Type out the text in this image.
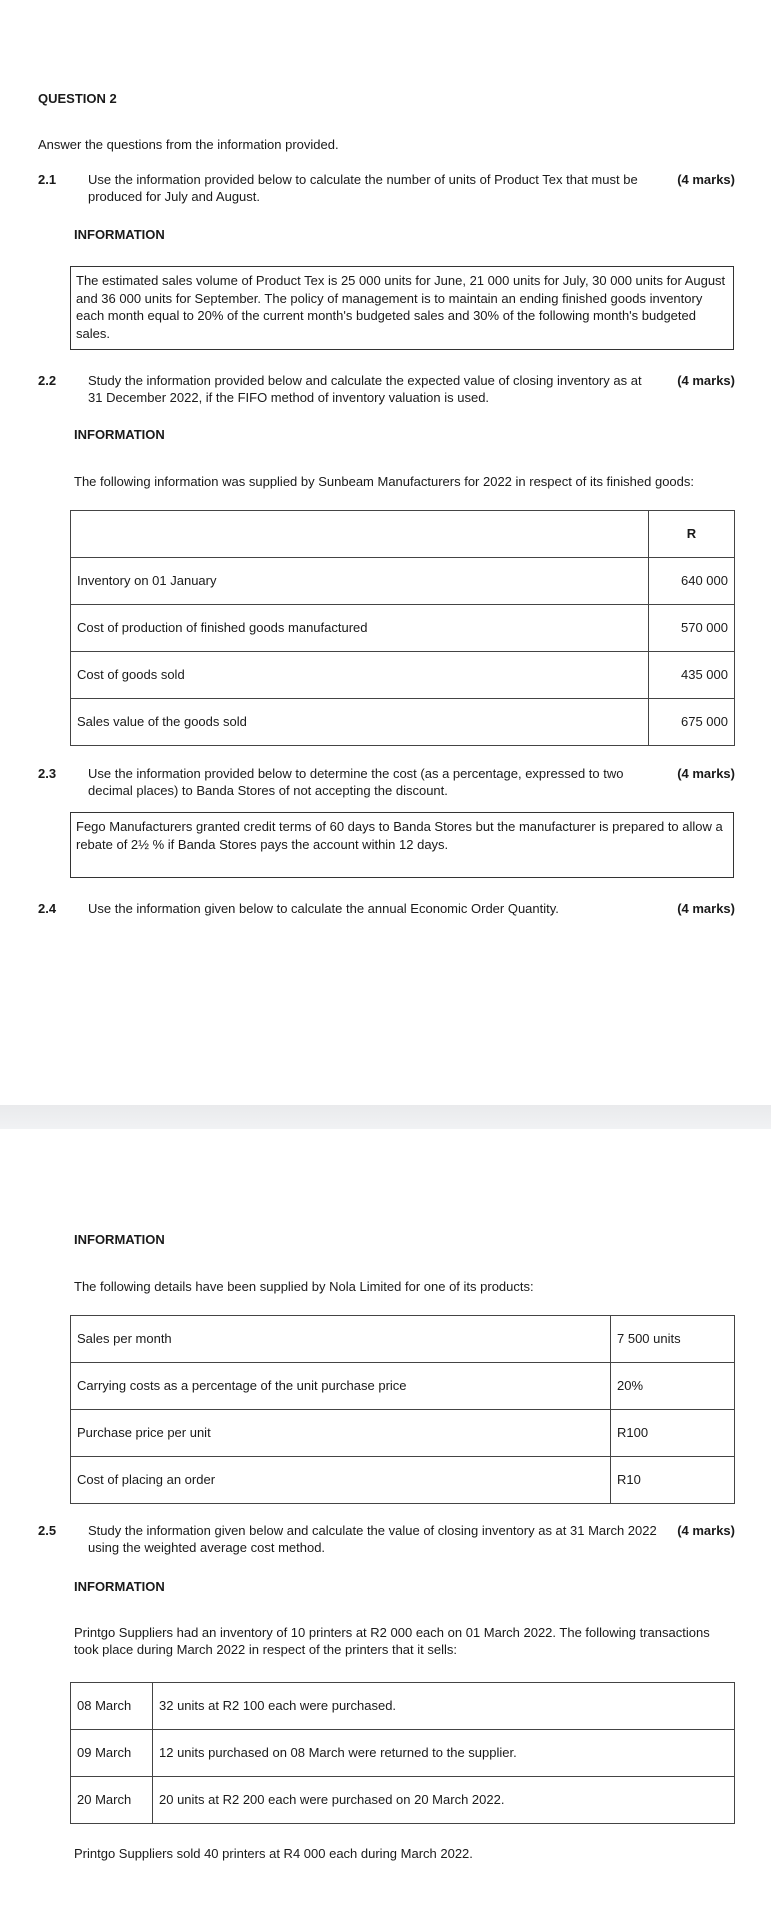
QUESTION 2
Answer the questions from the information provided.
2.1 Use the information provided below to calculate the number of units of Product Tex that must be produced for July and August.
(4 marks)
INFORMATION
The estimated sales volume of Product Tex is 25 000 units for June, 21 000 units for July, 30 000 units for August and 36 000 units for September. The policy of management is to maintain an ending finished goods inventory each month equal to 20% of the current month's budgeted sales and 30% of the following month's budgeted sales.
2.2 Study the information provided below and calculate the expected value of closing inventory as at 31 December 2022, if the FIFO method of inventory valuation is used.
(4 marks)
INFORMATION
The following information was supplied by Sunbeam Manufacturers for 2022 in respect of its finished goods:
	R
Inventory on 01 January	640 000
Cost of production of finished goods manufactured	570 000
Cost of goods sold	435 000
Sales value of the goods sold	675 000
2.3 Use the information provided below to determine the cost (as a percentage, expressed to two decimal places) to Banda Stores of not accepting the discount.
(4 marks)
Fego Manufacturers granted credit terms of 60 days to Banda Stores but the manufacturer is prepared to allow a rebate of 2½ % if Banda Stores pays the account within 12 days.
2.4 Use the information given below to calculate the annual Economic Order Quantity.	(4 marks)
INFORMATION
The following details have been supplied by Nola Limited for one of its products:
Sales per month	7 500 units
Carrying costs as a percentage of the unit purchase price	20%
Purchase price per unit	R100
Cost of placing an order	R10
2.5 Study the information given below and calculate the value of closing inventory as at 31 March 2022 using the weighted average cost method.
(4 marks)
INFORMATION
Printgo Suppliers had an inventory of 10 printers at R2 000 each on 01 March 2022. The following transactions took place during March 2022 in respect of the printers that it sells:
08 March	32 units at R2 100 each were purchased.
09 March	12 units purchased on 08 March were returned to the supplier.
20 March	20 units at R2 200 each were purchased on 20 March 2022.
Printgo Suppliers sold 40 printers at R4 000 each during March 2022.
